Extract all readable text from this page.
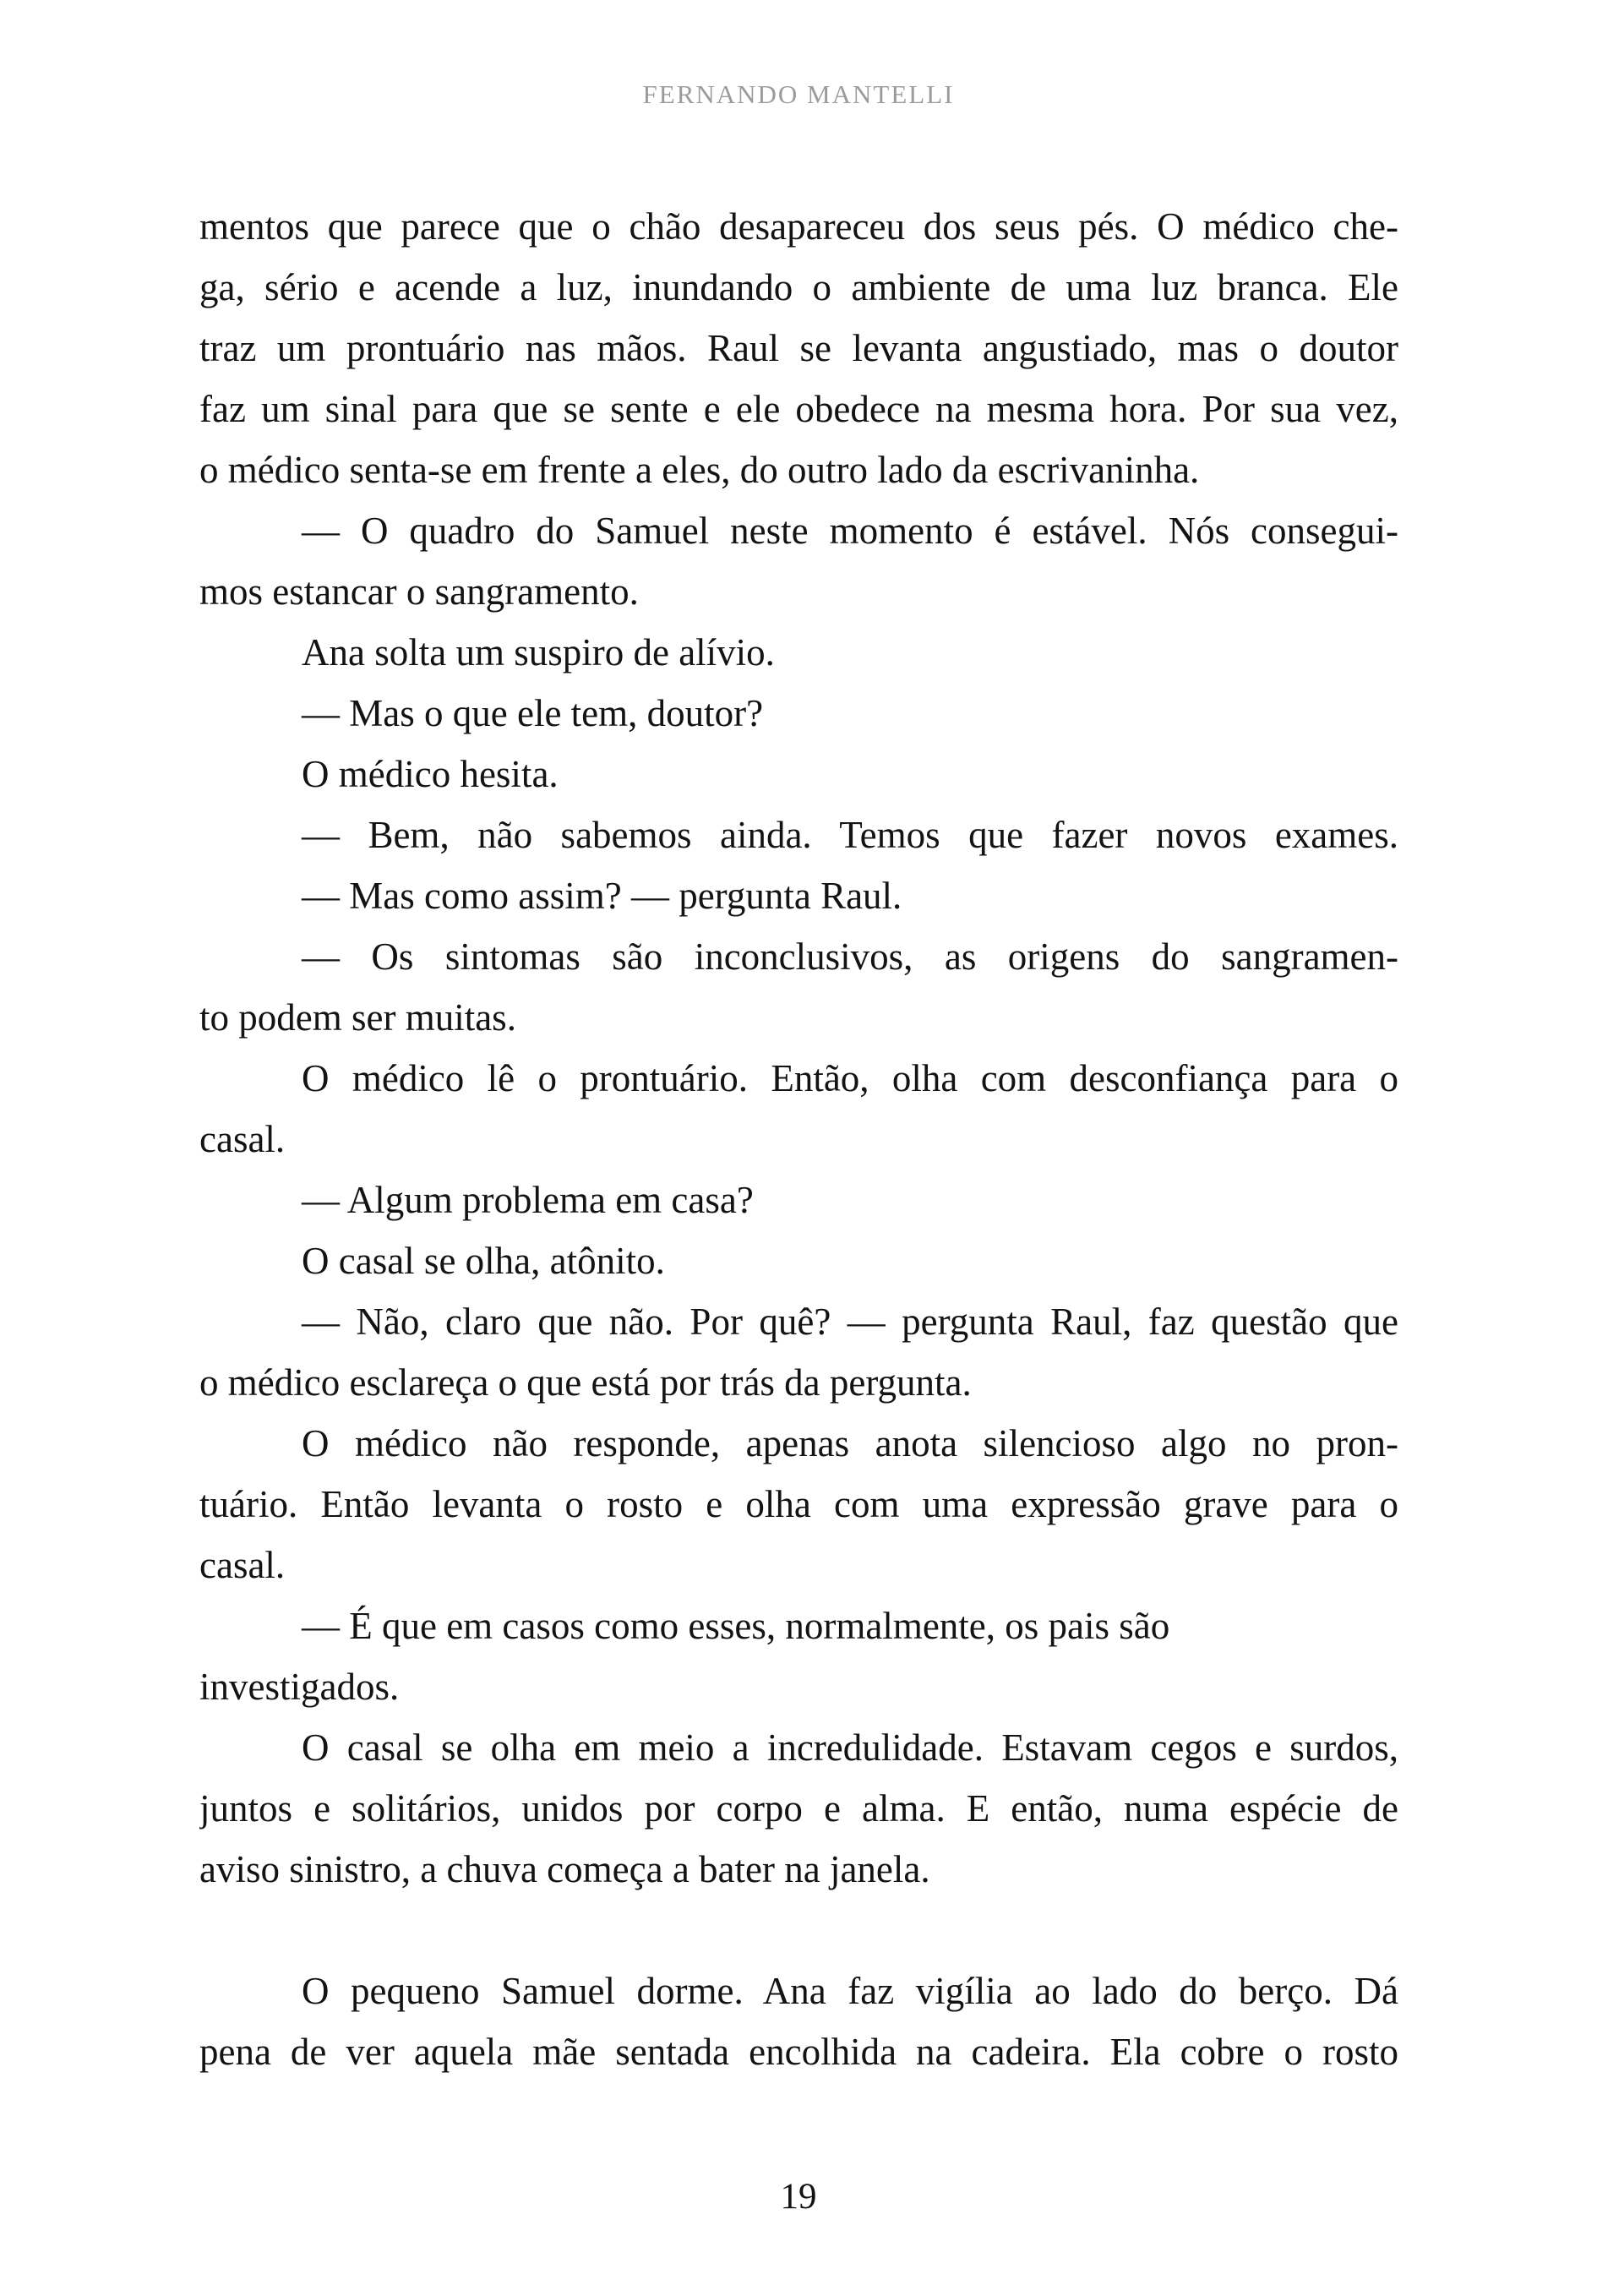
FERNANDO MANTELLI
mentos que parece que o chão desapareceu dos seus pés. O médico che-
ga, sério e acende a luz, inundando o ambiente de uma luz branca. Ele
traz um prontuário nas mãos. Raul se levanta angustiado, mas o doutor
faz um sinal para que se sente e ele obedece na mesma hora. Por sua vez,
o médico senta-se em frente a eles, do outro lado da escrivaninha.
— O quadro do Samuel neste momento é estável. Nós consegui-
mos estancar o sangramento.
Ana solta um suspiro de alívio.
— Mas o que ele tem, doutor?
O médico hesita.
— Bem, não sabemos ainda. Temos que fazer novos exames.
— Mas como assim? — pergunta Raul.
— Os sintomas são inconclusivos, as origens do sangramen-
to podem ser muitas.
O médico lê o prontuário. Então, olha com desconfiança para o
casal.
— Algum problema em casa?
O casal se olha, atônito.
— Não, claro que não. Por quê? — pergunta Raul, faz questão que
o médico esclareça o que está por trás da pergunta.
O médico não responde, apenas anota silencioso algo no pron-
tuário. Então levanta o rosto e olha com uma expressão grave para o
casal.
— É que em casos como esses, normalmente, os pais são
investigados.
O casal se olha em meio a incredulidade. Estavam cegos e surdos,
juntos e solitários, unidos por corpo e alma. E então, numa espécie de
aviso sinistro, a chuva começa a bater na janela.
O pequeno Samuel dorme. Ana faz vigília ao lado do berço. Dá
pena de ver aquela mãe sentada encolhida na cadeira. Ela cobre o rosto
19
